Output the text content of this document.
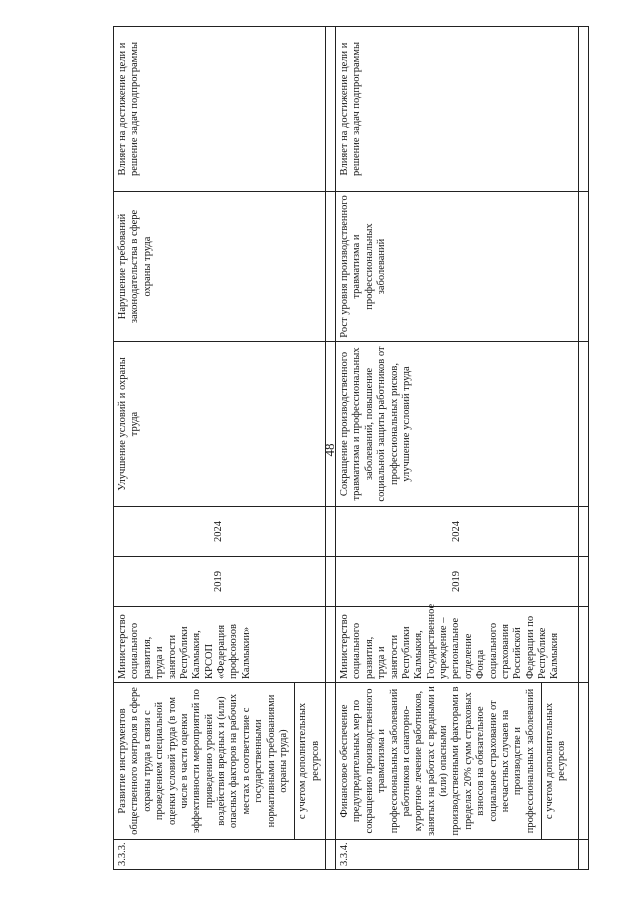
48
3.3.3.	Развитие инструментов общественного контроля в сфере охраны труда в связи с проведением специальной оценки условий труда (в том числе в части оценки эффективности мероприятий по приведению уровней воздействия вредных и (или) опасных факторов на рабочих местах в соответствие с государственными нормативными требованиями охраны труда) с учетом дополнительных ресурсов	Министерство социального развития, труда и занятости Республики Калмыкия, КРСОП «Федерация профсоюзов Калмыкии»	2019	2024	Улучшение условий и охраны труда	Нарушение требований законодательства в сфере охраны труда	Влияет на достижение цели и решение задач подпрограммы

3.3.4.	Финансовое обеспечение предупредительных мер по сокращению производственного травматизма и профессиональных заболеваний работников и санаторно-курортное лечение работников, занятых на работах с вредными и (или) опасными производственными факторами в пределах 20% сумм страховых взносов на обязательное социальное страхование от несчастных случаев на производстве и профессиональных заболеваний с учетом дополнительных ресурсов	Министерство социального развития, труда и занятости Республики Калмыкия, Государственное учреждение – региональное отделение Фонда социального страхования Российской Федерации по Республике Калмыкия	2019	2024	Сокращение производственного травматизма и профессиональных заболеваний, повышение социальной защиты работников от профессиональных рисков, улучшение условий труда	Рост уровня производственного травматизма и профессиональных заболеваний	Влияет на достижение цели и решение задач подпрограммы
